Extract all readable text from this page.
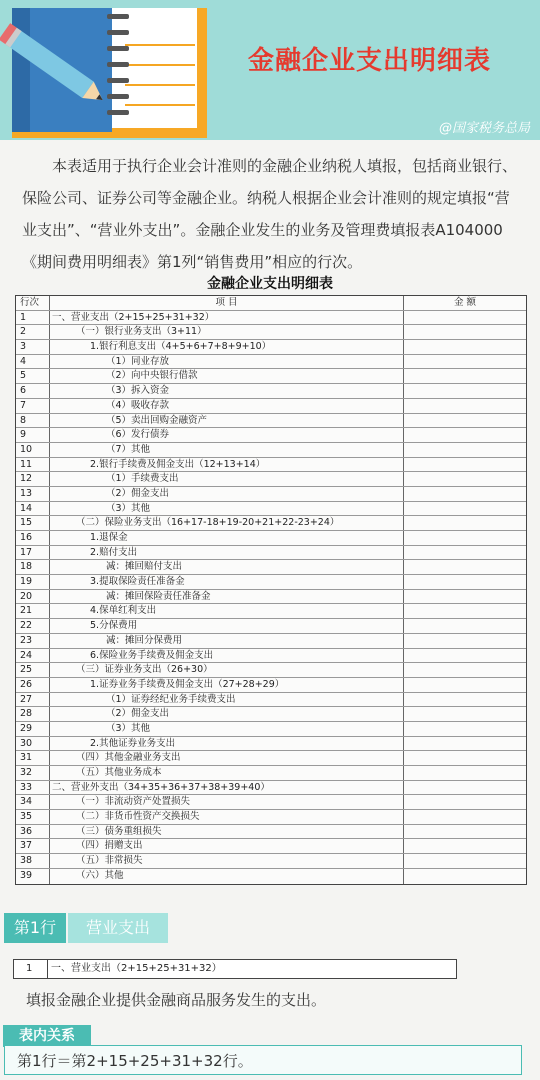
金融企业支出明细表
@国家税务总局
本表适用于执行企业会计准则的金融企业纳税人填报，包括商业银行、保险公司、证券公司等金融企业。纳税人根据企业会计准则的规定填报“营业支出”、“营业外支出”。金融企业发生的业务及管理费填报表A104000《期间费用明细表》第1列“销售费用”相应的行次。
金融企业支出明细表
行次	项 目	金 额
1	一、营业支出（2+15+25+31+32）
2	（一）银行业务支出（3+11）
3	1.银行利息支出（4+5+6+7+8+9+10）
4	（1）同业存放
5	（2）向中央银行借款
6	（3）拆入资金
7	（4）吸收存款
8	（5）卖出回购金融资产
9	（6）发行债券
10	（7）其他
11	2.银行手续费及佣金支出（12+13+14）
12	（1）手续费支出
13	（2）佣金支出
14	（3）其他
15	（二）保险业务支出（16+17-18+19-20+21+22-23+24）
16	1.退保金
17	2.赔付支出
18	减：摊回赔付支出
19	3.提取保险责任准备金
20	减：摊回保险责任准备金
21	4.保单红利支出
22	5.分保费用
23	减：摊回分保费用
24	6.保险业务手续费及佣金支出
25	（三）证券业务支出（26+30）
26	1.证券业务手续费及佣金支出（27+28+29）
27	（1）证券经纪业务手续费支出
28	（2）佣金支出
29	（3）其他
30	2.其他证券业务支出
31	（四）其他金融业务支出
32	（五）其他业务成本
33	二、营业外支出（34+35+36+37+38+39+40）
34	（一）非流动资产处置损失
35	（二）非货币性资产交换损失
36	（三）债务重组损失
37	（四）捐赠支出
38	（五）非常损失
39	（六）其他
第1行	营业支出
1	一、营业支出（2+15+25+31+32）
填报金融企业提供金融商品服务发生的支出。
表内关系
第1行＝第2+15+25+31+32行。
